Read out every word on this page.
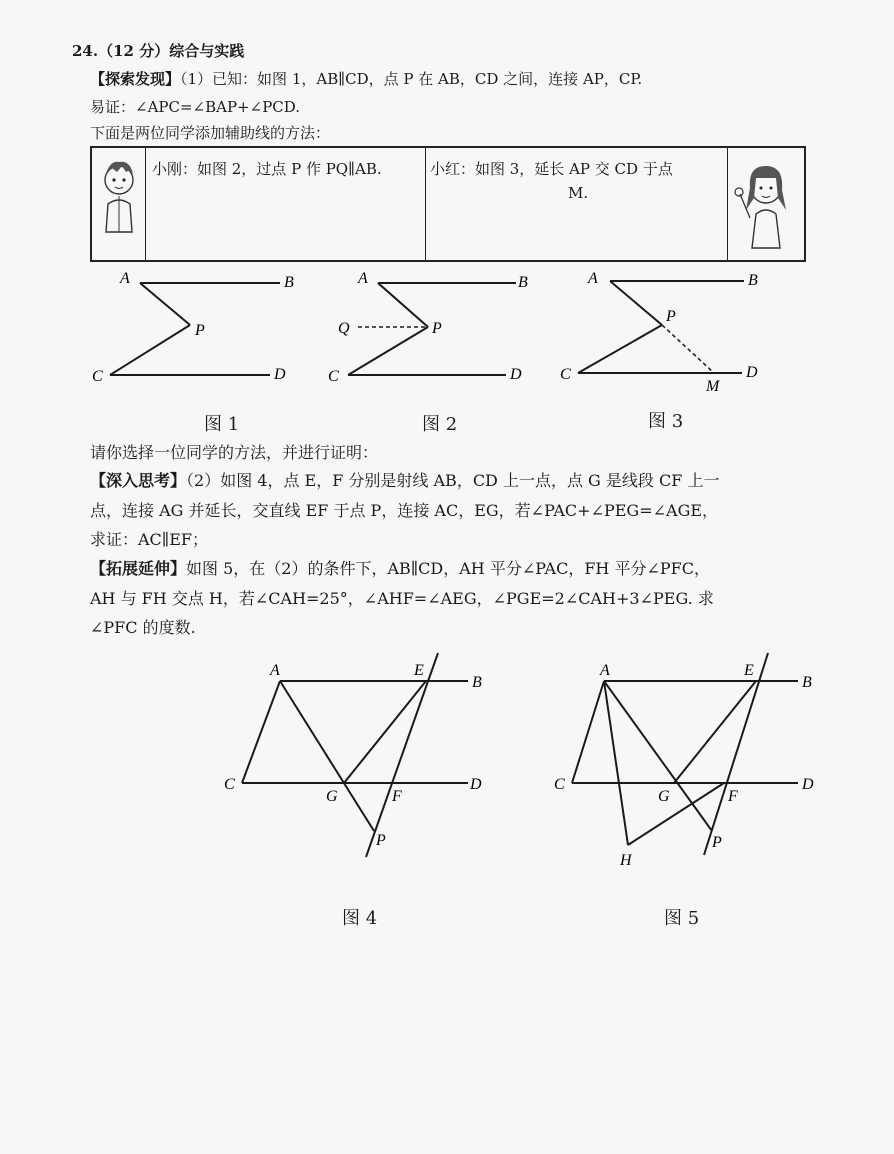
24.（12 分）综合与实践
【探索发现】（1）已知：如图 1，AB∥CD，点 P 在 AB，CD 之间，连接 AP，CP.
易证：∠APC=∠BAP+∠PCD.
下面是两位同学添加辅助线的方法：
小刚：如图 2，过点 P 作 PQ∥AB.	小红：如图 3，延长 AP 交 CD 于点
M.
A	B
P
C	D
图 1
A	B
Q	P
C	D
图 2
A	B
P
C
M
D
图 3
请你选择一位同学的方法，并进行证明：
【深入思考】（2）如图 4，点 E，F 分别是射线 AB，CD 上一点，点 G 是线段 CF 上一
点，连接 AG 并延长，交直线 EF 于点 P，连接 AC，EG，若∠PAC+∠PEG=∠AGE，
求证：AC∥EF；
【拓展延伸】如图 5，在（2）的条件下，AB∥CD，AH 平分∠PAC，FH 平分∠PFC，
AH 与 FH 交点 H，若∠CAH=25°，∠AHF=∠AEG，∠PGE=2∠CAH+3∠PEG. 求
∠PFC 的度数.
A	E
B
C
G	F
D
P
图 4
A	E
B
C
G	F
D
P
H
图 5
